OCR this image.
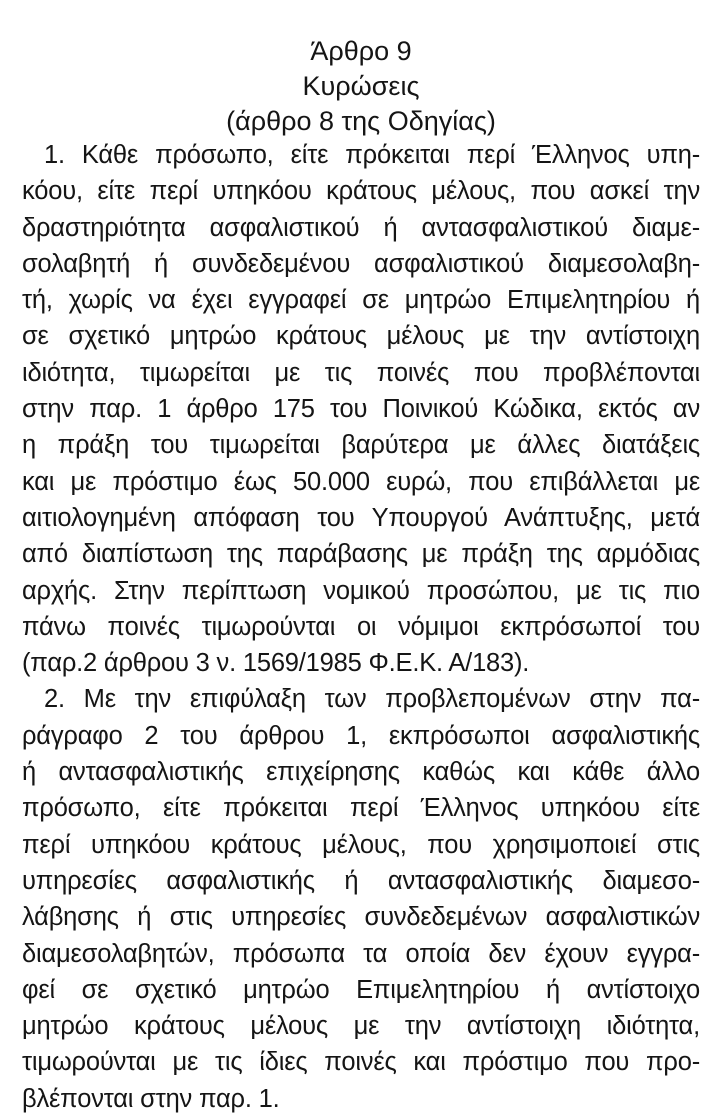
Άρθρο 9
Κυρώσεις
(άρθρο 8 της Οδηγίας)
1. Κάθε πρόσωπο, είτε πρόκειται περί Έλληνος υπη-
κόου, είτε περί υπηκόου κράτους μέλους, που ασκεί την
δραστηριότητα ασφαλιστικού ή αντασφαλιστικού διαμε-
σολαβητή ή συνδεδεμένου ασφαλιστικού διαμεσολαβη-
τή, χωρίς να έχει εγγραφεί σε μητρώο Επιμελητηρίου ή
σε σχετικό μητρώο κράτους μέλους με την αντίστοιχη
ιδιότητα, τιμωρείται με τις ποινές που προβλέπονται
στην παρ. 1 άρθρο 175 του Ποινικού Κώδικα, εκτός αν
η πράξη του τιμωρείται βαρύτερα με άλλες διατάξεις
και με πρόστιμο έως 50.000 ευρώ, που επιβάλλεται με
αιτιολογημένη απόφαση του Υπουργού Ανάπτυξης, μετά
από διαπίστωση της παράβασης με πράξη της αρμόδιας
αρχής. Στην περίπτωση νομικού προσώπου, με τις πιο
πάνω ποινές τιμωρούνται οι νόμιμοι εκπρόσωποί του
(παρ.2 άρθρου 3 ν. 1569/1985 Φ.Ε.Κ. Α/183).
2. Με την επιφύλαξη των προβλεπομένων στην πα-
ράγραφο 2 του άρθρου 1, εκπρόσωποι ασφαλιστικής
ή αντασφαλιστικής επιχείρησης καθώς και κάθε άλλο
πρόσωπο, είτε πρόκειται περί Έλληνος υπηκόου είτε
περί υπηκόου κράτους μέλους, που χρησιμοποιεί στις
υπηρεσίες ασφαλιστικής ή αντασφαλιστικής διαμεσο-
λάβησης ή στις υπηρεσίες συνδεδεμένων ασφαλιστικών
διαμεσολαβητών, πρόσωπα τα οποία δεν έχουν εγγρα-
φεί σε σχετικό μητρώο Επιμελητηρίου ή αντίστοιχο
μητρώο κράτους μέλους με την αντίστοιχη ιδιότητα,
τιμωρούνται με τις ίδιες ποινές και πρόστιμο που προ-
βλέπονται στην παρ. 1.
